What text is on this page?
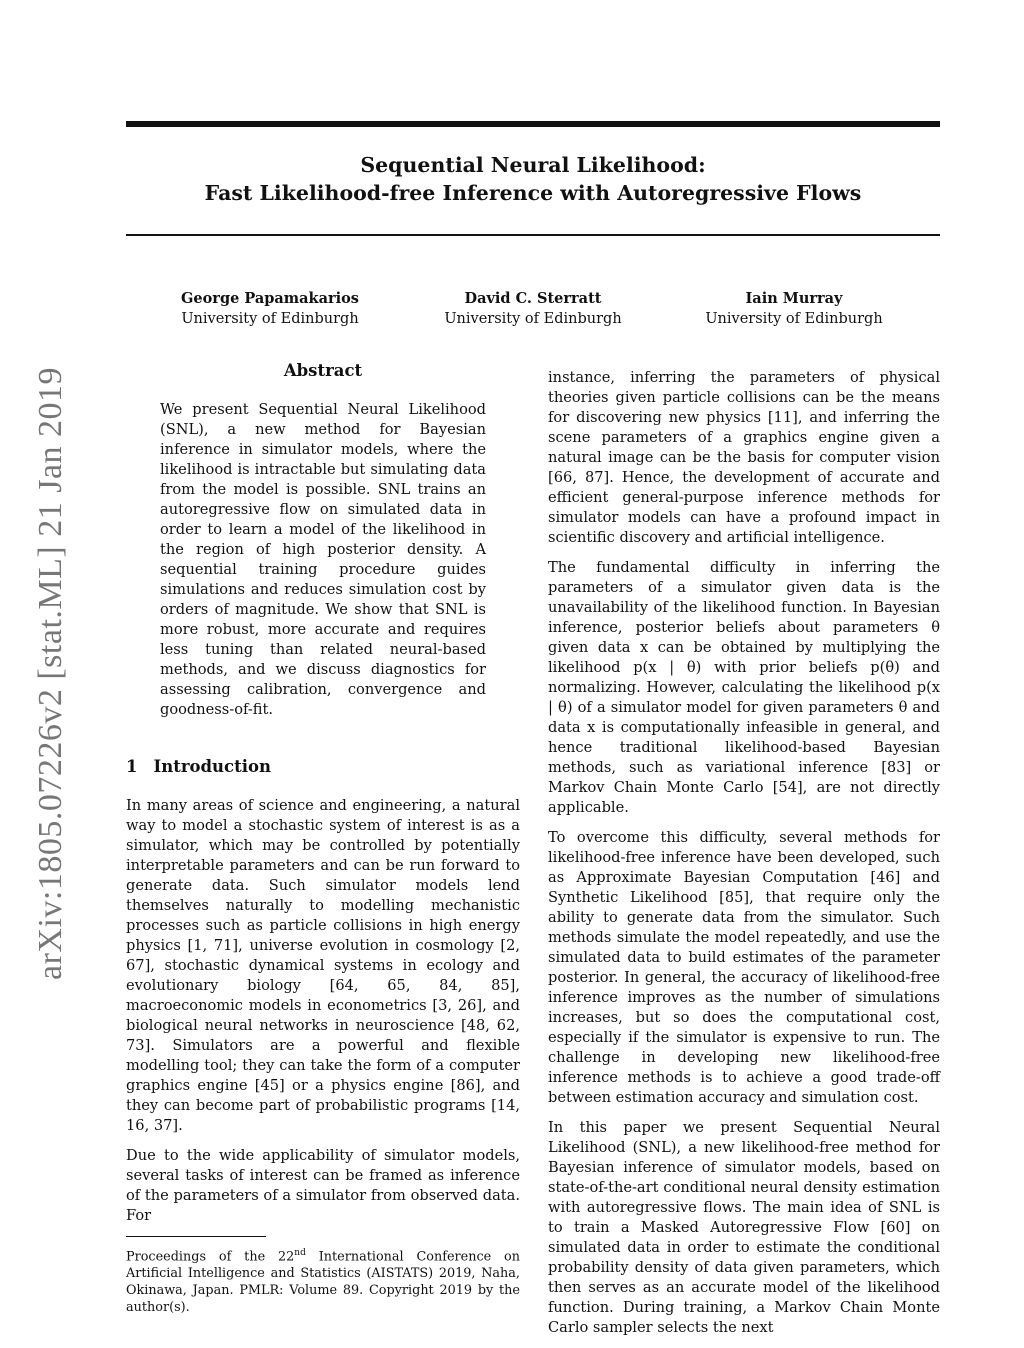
Sequential Neural Likelihood:
Fast Likelihood-free Inference with Autoregressive Flows
George Papamakarios
University of Edinburgh
David C. Sterratt
University of Edinburgh
Iain Murray
University of Edinburgh
arXiv:1805.07226v2 [stat.ML] 21 Jan 2019	Abstract
We present Sequential Neural Likelihood (SNL), a new method for Bayesian inference in simulator models, where the likelihood is intractable but simulating data from the model is possible. SNL trains an autoregressive flow on simulated data in order to learn a model of the likelihood in the region of high posterior density. A sequential training procedure guides simulations and reduces simulation cost by orders of magnitude. We show that SNL is more robust, more accurate and requires less tuning than related neural-based methods, and we discuss diagnostics for assessing calibration, convergence and goodness-of-fit.
1 Introduction

In many areas of science and engineering, a natural way to model a stochastic system of interest is as a simulator, which may be controlled by potentially interpretable parameters and can be run forward to generate data. Such simulator models lend themselves naturally to modelling mechanistic processes such as particle collisions in high energy physics [1, 71], universe evolution in cosmology [2, 67], stochastic dynamical systems in ecology and evolutionary biology [64, 65, 84, 85], macroeconomic models in econometrics [3, 26], and biological neural networks in neuroscience [48, 62, 73]. Simulators are a powerful and flexible modelling tool; they can take the form of a computer graphics engine [45] or a physics engine [86], and they can become part of probabilistic programs [14, 16, 37].

Due to the wide applicability of simulator models, several tasks of interest can be framed as inference of the parameters of a simulator from observed data. For

Proceedings of the 22nd International Conference on Artificial Intelligence and Statistics (AISTATS) 2019, Naha, Okinawa, Japan. PMLR: Volume 89. Copyright 2019 by the author(s).

instance, inferring the parameters of physical theories given particle collisions can be the means for discovering new physics [11], and inferring the scene parameters of a graphics engine given a natural image can be the basis for computer vision [66, 87]. Hence, the development of accurate and efficient general-purpose inference methods for simulator models can have a profound impact in scientific discovery and artificial intelligence.

The fundamental difficulty in inferring the parameters of a simulator given data is the unavailability of the likelihood function. In Bayesian inference, posterior beliefs about parameters θ given data x can be obtained by multiplying the likelihood p(x | θ) with prior beliefs p(θ) and normalizing. However, calculating the likelihood p(x | θ) of a simulator model for given parameters θ and data x is computationally infeasible in general, and hence traditional likelihood-based Bayesian methods, such as variational inference [83] or Markov Chain Monte Carlo [54], are not directly applicable.

To overcome this difficulty, several methods for likelihood-free inference have been developed, such as Approximate Bayesian Computation [46] and Synthetic Likelihood [85], that require only the ability to generate data from the simulator. Such methods simulate the model repeatedly, and use the simulated data to build estimates of the parameter posterior. In general, the accuracy of likelihood-free inference improves as the number of simulations increases, but so does the computational cost, especially if the simulator is expensive to run. The challenge in developing new likelihood-free inference methods is to achieve a good trade-off between estimation accuracy and simulation cost.

In this paper we present Sequential Neural Likelihood (SNL), a new likelihood-free method for Bayesian inference of simulator models, based on state-of-the-art conditional neural density estimation with autoregressive flows. The main idea of SNL is to train a Masked Autoregressive Flow [60] on simulated data in order to estimate the conditional probability density of data given parameters, which then serves as an accurate model of the likelihood function. During training, a Markov Chain Monte Carlo sampler selects the next
